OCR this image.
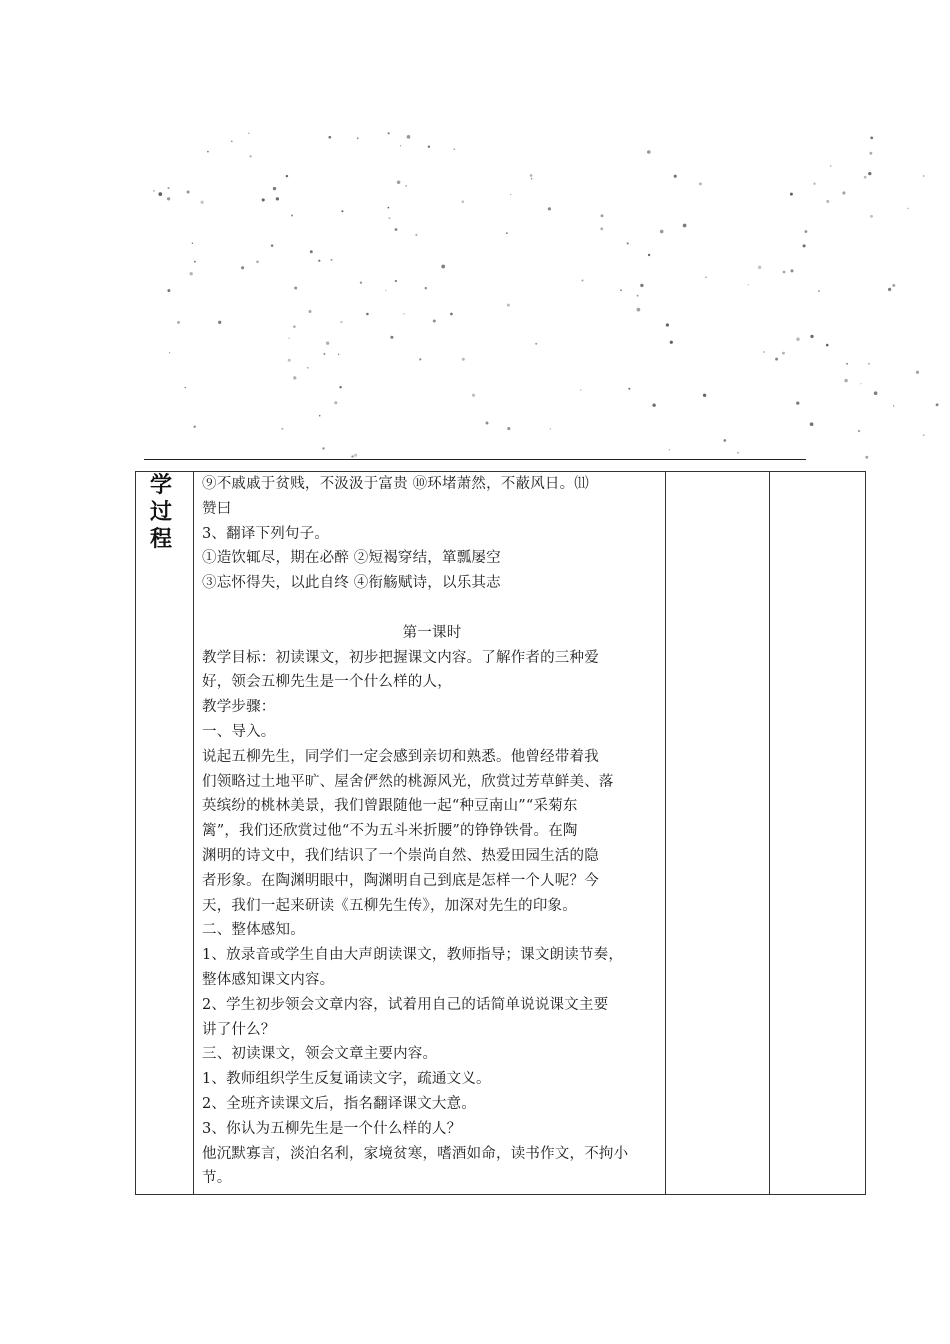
学
过
程

⑨不戚戚于贫贱，不汲汲于富贵 ⑩环堵萧然，不蔽风日。⑾

赞曰

3、翻译下列句子。

①造饮辄尽，期在必醉 ②短褐穿结，箪瓢屡空

③忘怀得失，以此自终 ④衔觞赋诗，以乐其志

第一课时

教学目标：初读课文，初步把握课文内容。了解作者的三种爱

好，领会五柳先生是一个什么样的人，

教学步骤：

一、导入。

说起五柳先生，同学们一定会感到亲切和熟悉。他曾经带着我

们领略过土地平旷、屋舍俨然的桃源风光，欣赏过芳草鲜美、落

英缤纷的桃林美景，我们曾跟随他一起“种豆南山”“采菊东

篱”，我们还欣赏过他“不为五斗米折腰”的铮铮铁骨。在陶

渊明的诗文中，我们结识了一个崇尚自然、热爱田园生活的隐

者形象。在陶渊明眼中，陶渊明自己到底是怎样一个人呢？今

天，我们一起来研读《五柳先生传》，加深对先生的印象。

二、整体感知。

1、放录音或学生自由大声朗读课文，教师指导；课文朗读节奏，

整体感知课文内容。

2、学生初步领会文章内容，试着用自己的话简单说说课文主要

讲了什么？

三、初读课文，领会文章主要内容。

1、教师组织学生反复诵读文字，疏通文义。

2、全班齐读课文后，指名翻译课文大意。

3、你认为五柳先生是一个什么样的人？

他沉默寡言，淡泊名利，家境贫寒，嗜酒如命，读书作文，不拘小

节。
